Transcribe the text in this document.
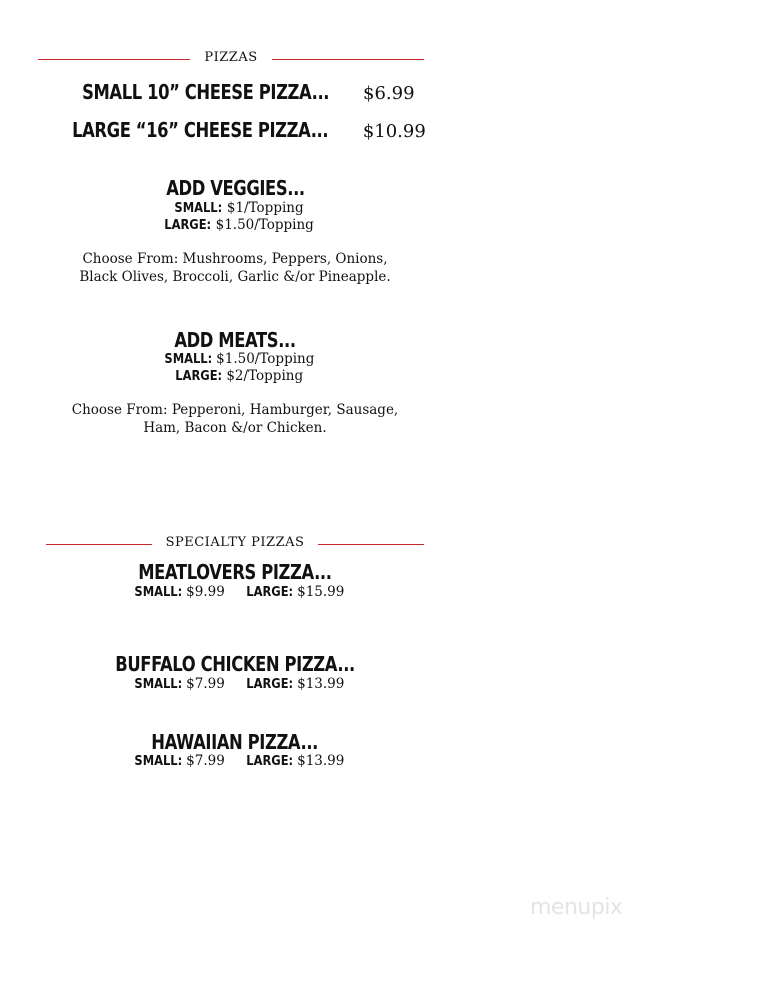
PIZZAS
SMALL 10” CHEESE PIZZA... $6.99
LARGE “16” CHEESE PIZZA... $10.99
ADD VEGGIES...
SMALL: $1/Topping
LARGE: $1.50/Topping
Choose From: Mushrooms, Peppers, Onions,
Black Olives, Broccoli, Garlic &/or Pineapple.
ADD MEATS...
SMALL: $1.50/Topping
LARGE: $2/Topping
Choose From: Pepperoni, Hamburger, Sausage,
Ham, Bacon &/or Chicken.
SPECIALTY PIZZAS
MEATLOVERS PIZZA...
SMALL: $9.99 LARGE: $15.99
BUFFALO CHICKEN PIZZA...
SMALL: $7.99 LARGE: $13.99
HAWAIIAN PIZZA...
SMALL: $7.99 LARGE: $13.99
menupix
